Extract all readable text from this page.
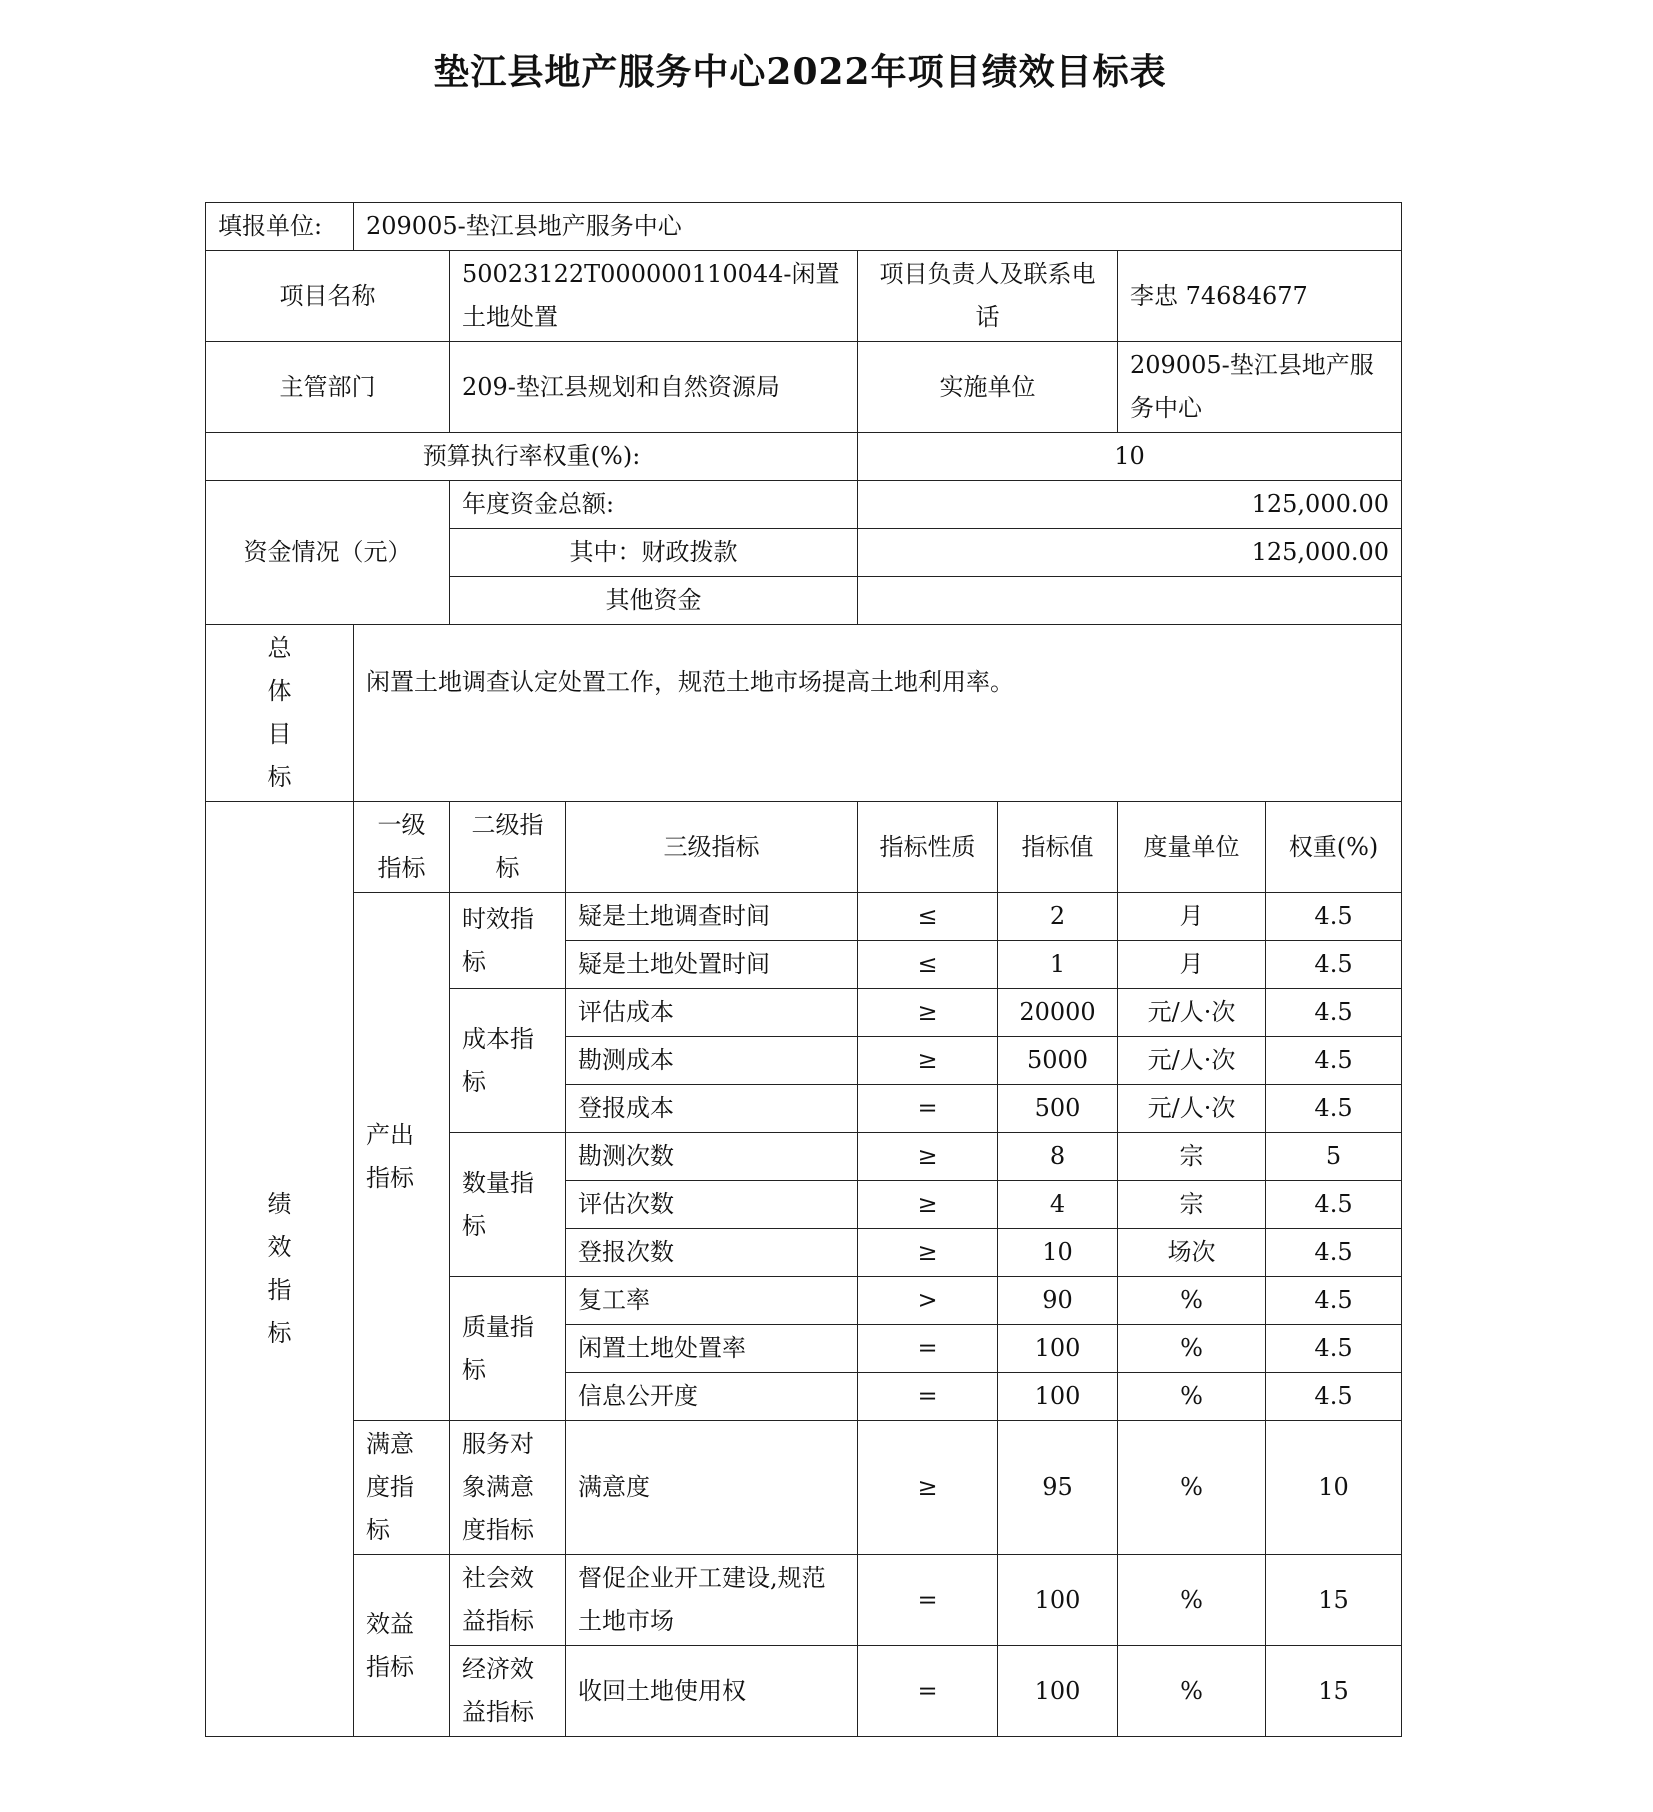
垫江县地产服务中心2022年项目绩效目标表
填报单位:	209005-垫江县地产服务中心						
项目名称		50023122T000000110044-闲置土地处置		项目负责人及联系电话		李忠 74684677	
主管部门		209-垫江县规划和自然资源局		实施单位		209005-垫江县地产服务中心	
预算执行率权重(%):				10			
资金情况（元）		年度资金总额:		125,000.00			
		其中：财政拨款		125,000.00			
		其他资金					

总
体
目
标	闲置土地调查认定处置工作，规范土地市场提高土地利用率。						

绩
效
指
标	一级指标	二级指标	三级指标	指标性质	指标值	度量单位	权重(%)
	产出指标	时效指标	疑是土地调查时间	≤	2	月	4.5
			疑是土地处置时间	≤	1	月	4.5
		成本指标	评估成本	≥	20000	元/人·次	4.5
			勘测成本	≥	5000	元/人·次	4.5
			登报成本	=	500	元/人·次	4.5
		数量指标	勘测次数	≥	8	宗	5
			评估次数	≥	4	宗	4.5
			登报次数	≥	10	场次	4.5
		质量指标	复工率	>	90	%	4.5
			闲置土地处置率	=	100	%	4.5
			信息公开度	=	100	%	4.5
	满意度指标	服务对象满意度指标	满意度	≥	95	%	10
	效益指标	社会效益指标	督促企业开工建设,规范土地市场	=	100	%	15
		经济效益指标	收回土地使用权	=	100	%	15
